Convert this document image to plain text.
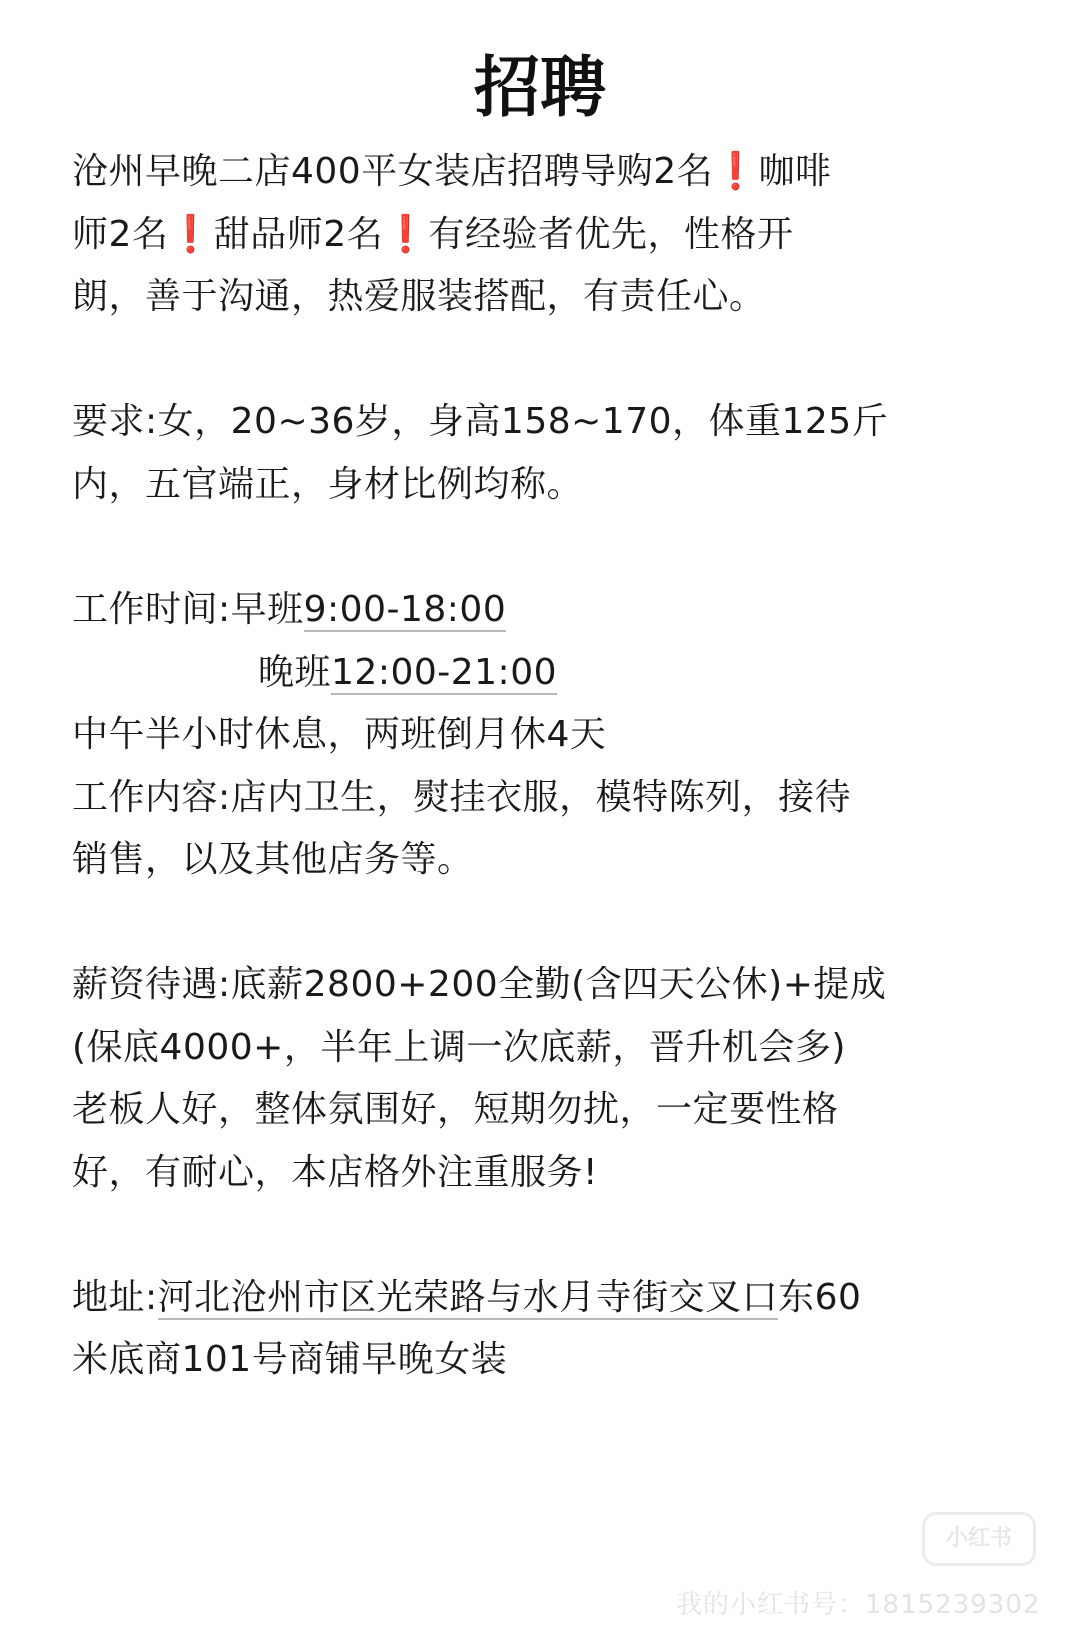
招聘
沧州早晚二店400平女装店招聘导购2名❗咖啡
师2名❗甜品师2名❗有经验者优先，性格开
朗，善于沟通，热爱服装搭配，有责任心。
要求:女，20~36岁，身高158~170，体重125斤
内，五官端正，身材比例均称。
工作时间:早班9:00-18:00
晚班12:00-21:00
中午半小时休息，两班倒月休4天
工作内容:店内卫生，熨挂衣服，模特陈列，接待
销售，以及其他店务等。
薪资待遇:底薪2800+200全勤(含四天公休)+提成
(保底4000+，半年上调一次底薪，晋升机会多)
老板人好，整体氛围好，短期勿扰，一定要性格
好，有耐心，本店格外注重服务!
地址:河北沧州市区光荣路与水月寺街交叉口东60
米底商101号商铺早晚女装
小红书
我的小红书号：1815239302
